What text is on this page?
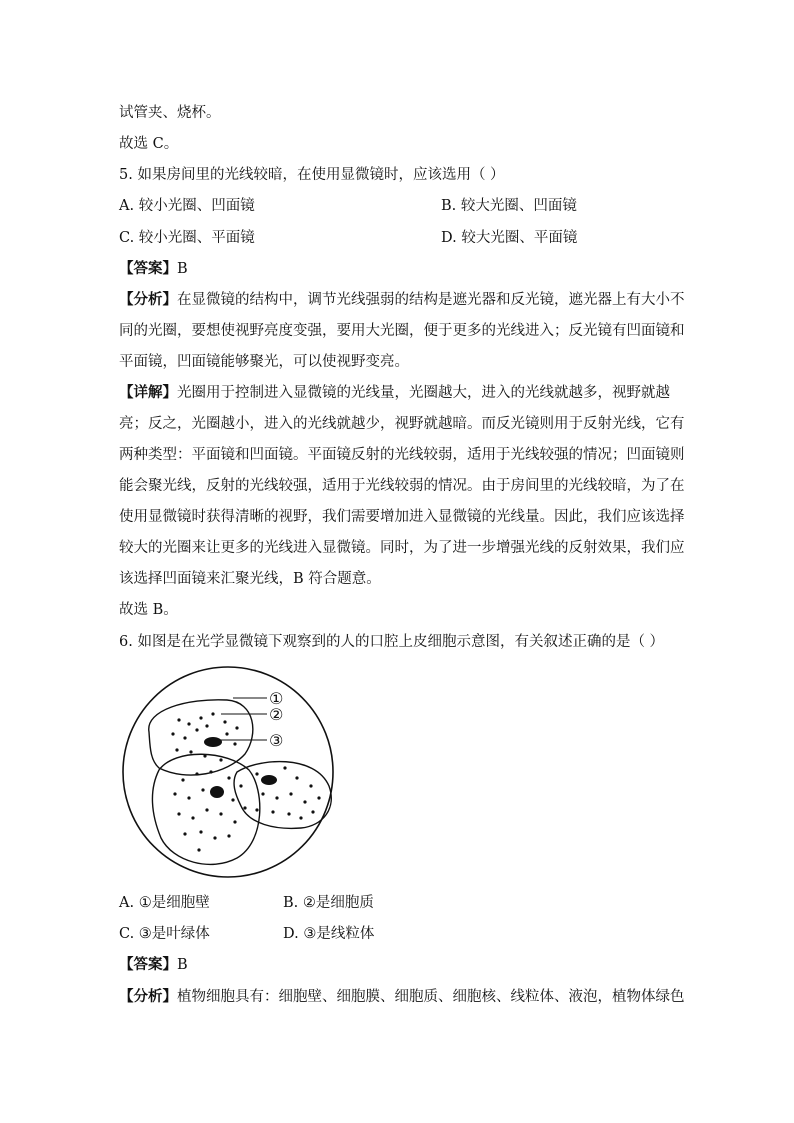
试管夹、烧杯。
故选 C。
5. 如果房间里的光线较暗，在使用显微镜时，应该选用（ ）
A. 较小光圈、凹面镜	B. 较大光圈、凹面镜
C. 较小光圈、平面镜	D. 较大光圈、平面镜
【答案】B
【分析】在显微镜的结构中，调节光线强弱的结构是遮光器和反光镜，遮光器上有大小不
同的光圈，要想使视野亮度变强，要用大光圈，便于更多的光线进入；反光镜有凹面镜和
平面镜，凹面镜能够聚光，可以使视野变亮。
【详解】光圈用于控制进入显微镜的光线量，光圈越大，进入的光线就越多，视野就越
亮；反之，光圈越小，进入的光线就越少，视野就越暗。而反光镜则用于反射光线，它有
两种类型：平面镜和凹面镜。平面镜反射的光线较弱，适用于光线较强的情况；凹面镜则
能会聚光线，反射的光线较强，适用于光线较弱的情况。由于房间里的光线较暗，为了在
使用显微镜时获得清晰的视野，我们需要增加进入显微镜的光线量。因此，我们应该选择
较大的光圈来让更多的光线进入显微镜。同时，为了进一步增强光线的反射效果，我们应
该选择凹面镜来汇聚光线，B 符合题意。
故选 B。
6. 如图是在光学显微镜下观察到的人的口腔上皮细胞示意图，有关叙述正确的是（ ）
①
②
③
A. ①是细胞壁	B. ②是细胞质
C. ③是叶绿体	D. ③是线粒体
【答案】B
【分析】植物细胞具有：细胞壁、细胞膜、细胞质、细胞核、线粒体、液泡，植物体绿色
